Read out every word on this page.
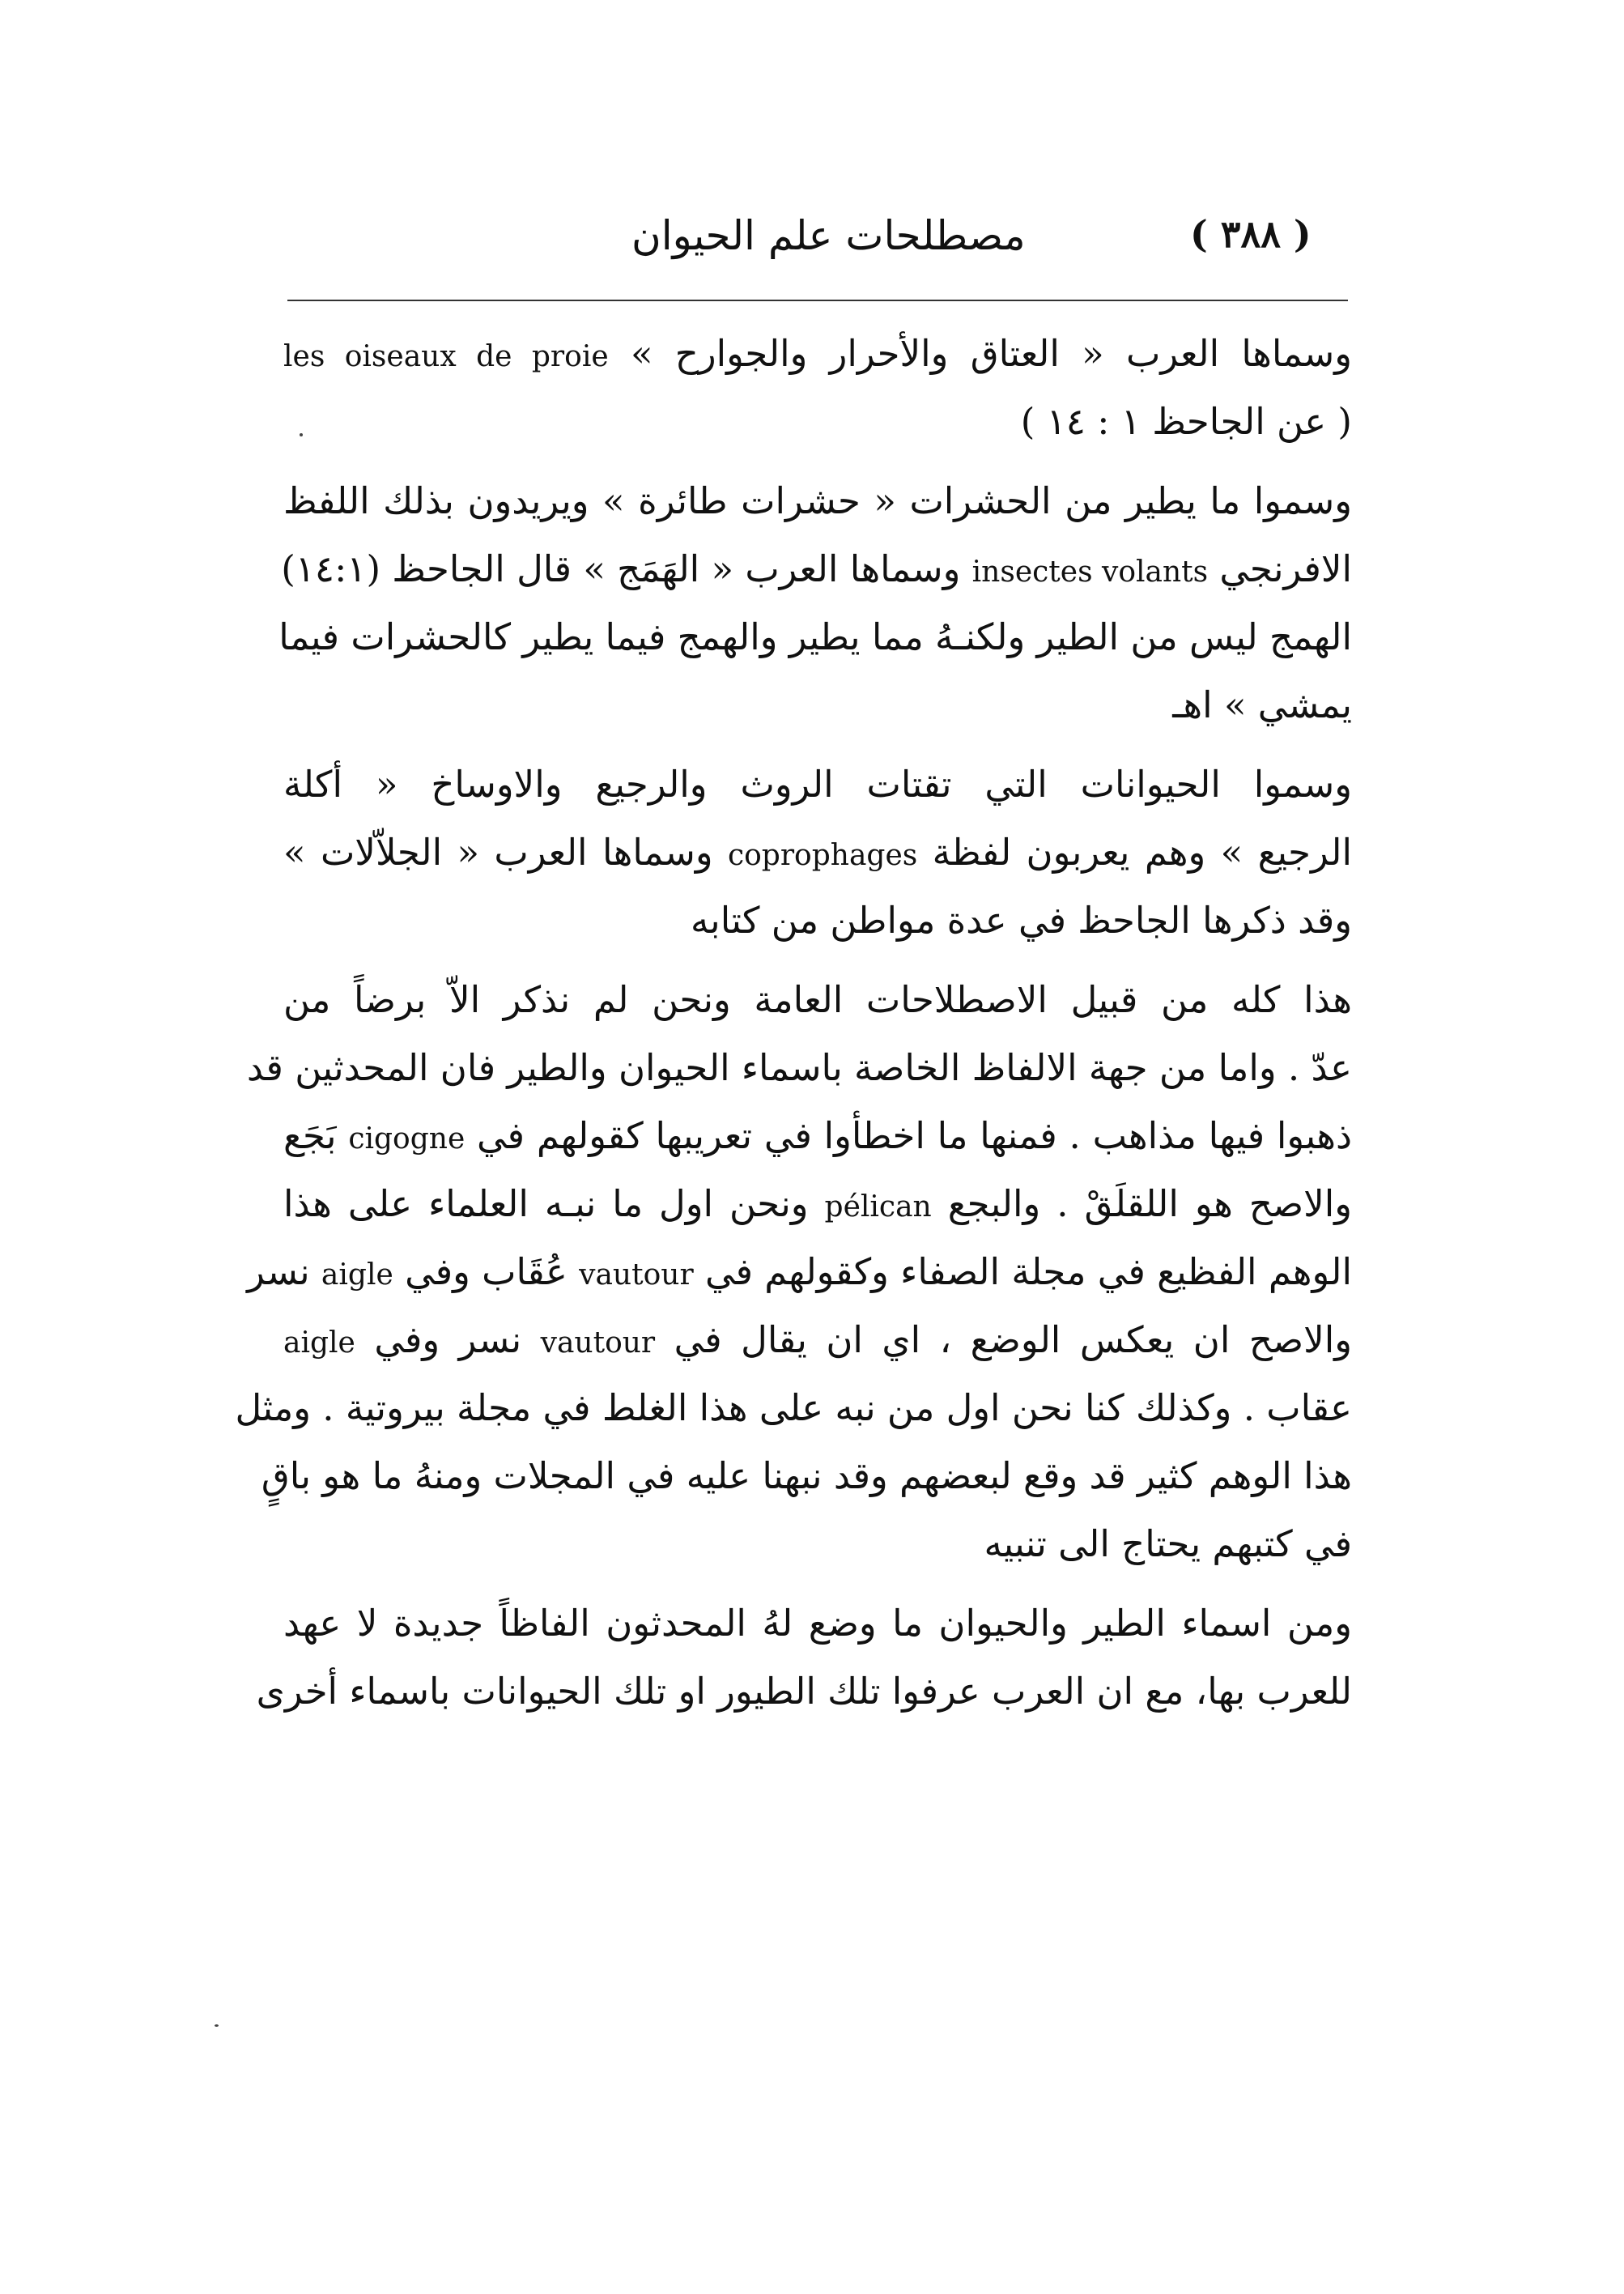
( ٣٨٨ )
مصطلحات علم الحيوان
وسماها العرب « العتاق والأحرار والجوارح » les oiseaux de proie
( عن الجاحظ ١ : ١٤ )
وسموا ما يطير من الحشرات « حشرات طائرة » ويريدون بذلك اللفظ
الافرنجي insectes volants وسماها العرب « الهَمَج » قال الجاحظ (١٤:١)
الهمج ليس من الطير ولكنـهُ مما يطير والهمج فيما يطير كالحشرات فيما
يمشي » اهـ
وسموا الحيوانات التي تقتات الروث والرجيع والاوساخ « أكلة
الرجيع » وهم يعربون لفظة coprophages وسماها العرب « الجلاّلات »
وقد ذكرها الجاحظ في عدة مواطن من كتابه
هذا كله من قبيل الاصطلاحات العامة ونحن لم نذكر الاّ برضاً من
عدّ . واما من جهة الالفاظ الخاصة باسماء الحيوان والطير فان المحدثين قد
ذهبوا فيها مذاهب . فمنها ما اخطأوا في تعريبها كقولهم في cigogne بَجَع
والاصح هو اللقلَقْ . والبجع pélican ونحن اول ما نبـه العلماء على هذا
الوهم الفظيع في مجلة الصفاء وكقولهم في vautour عُقَاب وفي aigle نسر
والاصح ان يعكس الوضع ، اي ان يقال في vautour نسر وفي aigle
عقاب . وكذلك كنا نحن اول من نبه على هذا الغلط في مجلة بيروتية . ومثل
هذا الوهم كثير قد وقع لبعضهم وقد نبهنا عليه في المجلات ومنهُ ما هو باقٍ
في كتبهم يحتاج الى تنبيه
ومن اسماء الطير والحيوان ما وضع لهُ المحدثون الفاظاً جديدة لا عهد
للعرب بها، مع ان العرب عرفوا تلك الطيور او تلك الحيوانات باسماء أخرى
